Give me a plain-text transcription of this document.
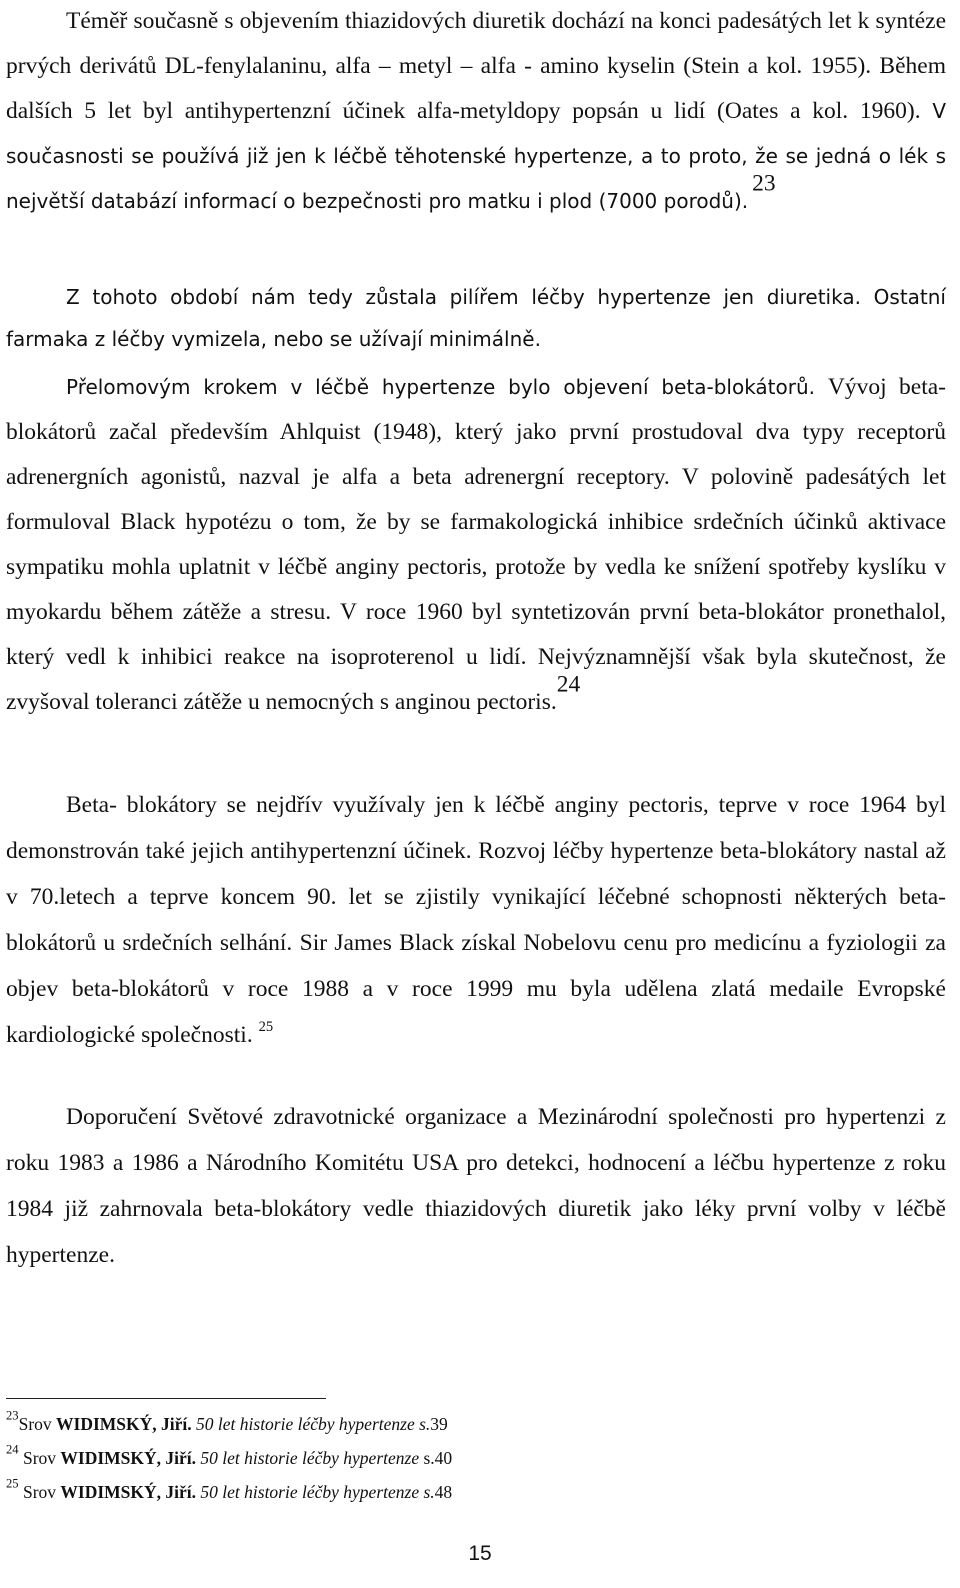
Téměř současně s objevením thiazidových diuretik dochází na konci padesátých let k syntéze prvých derivátů DL-fenylalaninu, alfa – metyl – alfa - amino kyselin (Stein a kol. 1955). Během dalších 5 let byl antihypertenzní účinek alfa-metyldopy popsán u lidí (Oates a kol. 1960). V současnosti se používá již jen k léčbě těhotenské hypertenze, a to proto, že se jedná o lék s největší databází informací o bezpečnosti pro matku i plod (7000 porodů). $^{23}$

Z tohoto období nám tedy zůstala pilířem léčby hypertenze jen diuretika. Ostatní farmaka z léčby vymizela, nebo se užívají minimálně.

Přelomovým krokem v léčbě hypertenze bylo objevení beta-blokátorů. Vývoj beta-blokátorů začal především Ahlquist (1948), který jako první prostudoval dva typy receptorů adrenergních agonistů, nazval je alfa a beta adrenergní receptory. V polovině padesátých let formuloval Black hypotézu o tom, že by se farmakologická inhibice srdečních účinků aktivace sympatiku mohla uplatnit v léčbě anginy pectoris, protože by vedla ke snížení spotřeby kyslíku v myokardu během zátěže a stresu. V roce 1960 byl syntetizován první beta-blokátor pronethalol, který vedl k inhibici reakce na isoproterenol u lidí. Nejvýznamnější však byla skutečnost, že zvyšoval toleranci zátěže u nemocných s anginou pectoris.$^{24}$

Beta- blokátory se nejdřív využívaly jen k léčbě anginy pectoris, teprve v roce 1964 byl demonstrován také jejich antihypertenzní účinek. Rozvoj léčby hypertenze beta-blokátory nastal až v 70.letech a teprve koncem 90. let se zjistily vynikající léčebné schopnosti některých beta-blokátorů u srdečních selhání. Sir James Black získal Nobelovu cenu pro medicínu a fyziologii za objev beta-blokátorů v roce 1988 a v roce 1999 mu byla udělena zlatá medaile Evropské kardiologické společnosti. $^{25}$

Doporučení Světové zdravotnické organizace a Mezinárodní společnosti pro hypertenzi z roku 1983 a 1986 a Národního Komitétu USA pro detekci, hodnocení a léčbu hypertenze z roku 1984 již zahrnovala beta-blokátory vedle thiazidových diuretik jako léky první volby v léčbě hypertenze.

$^{23}$Srov WIDIMSKÝ, Jiří. 50 let historie léčby hypertenze s.39
$^{24}$ Srov WIDIMSKÝ, Jiří. 50 let historie léčby hypertenze s.40
$^{25}$ Srov WIDIMSKÝ, Jiří. 50 let historie léčby hypertenze s.48
15
